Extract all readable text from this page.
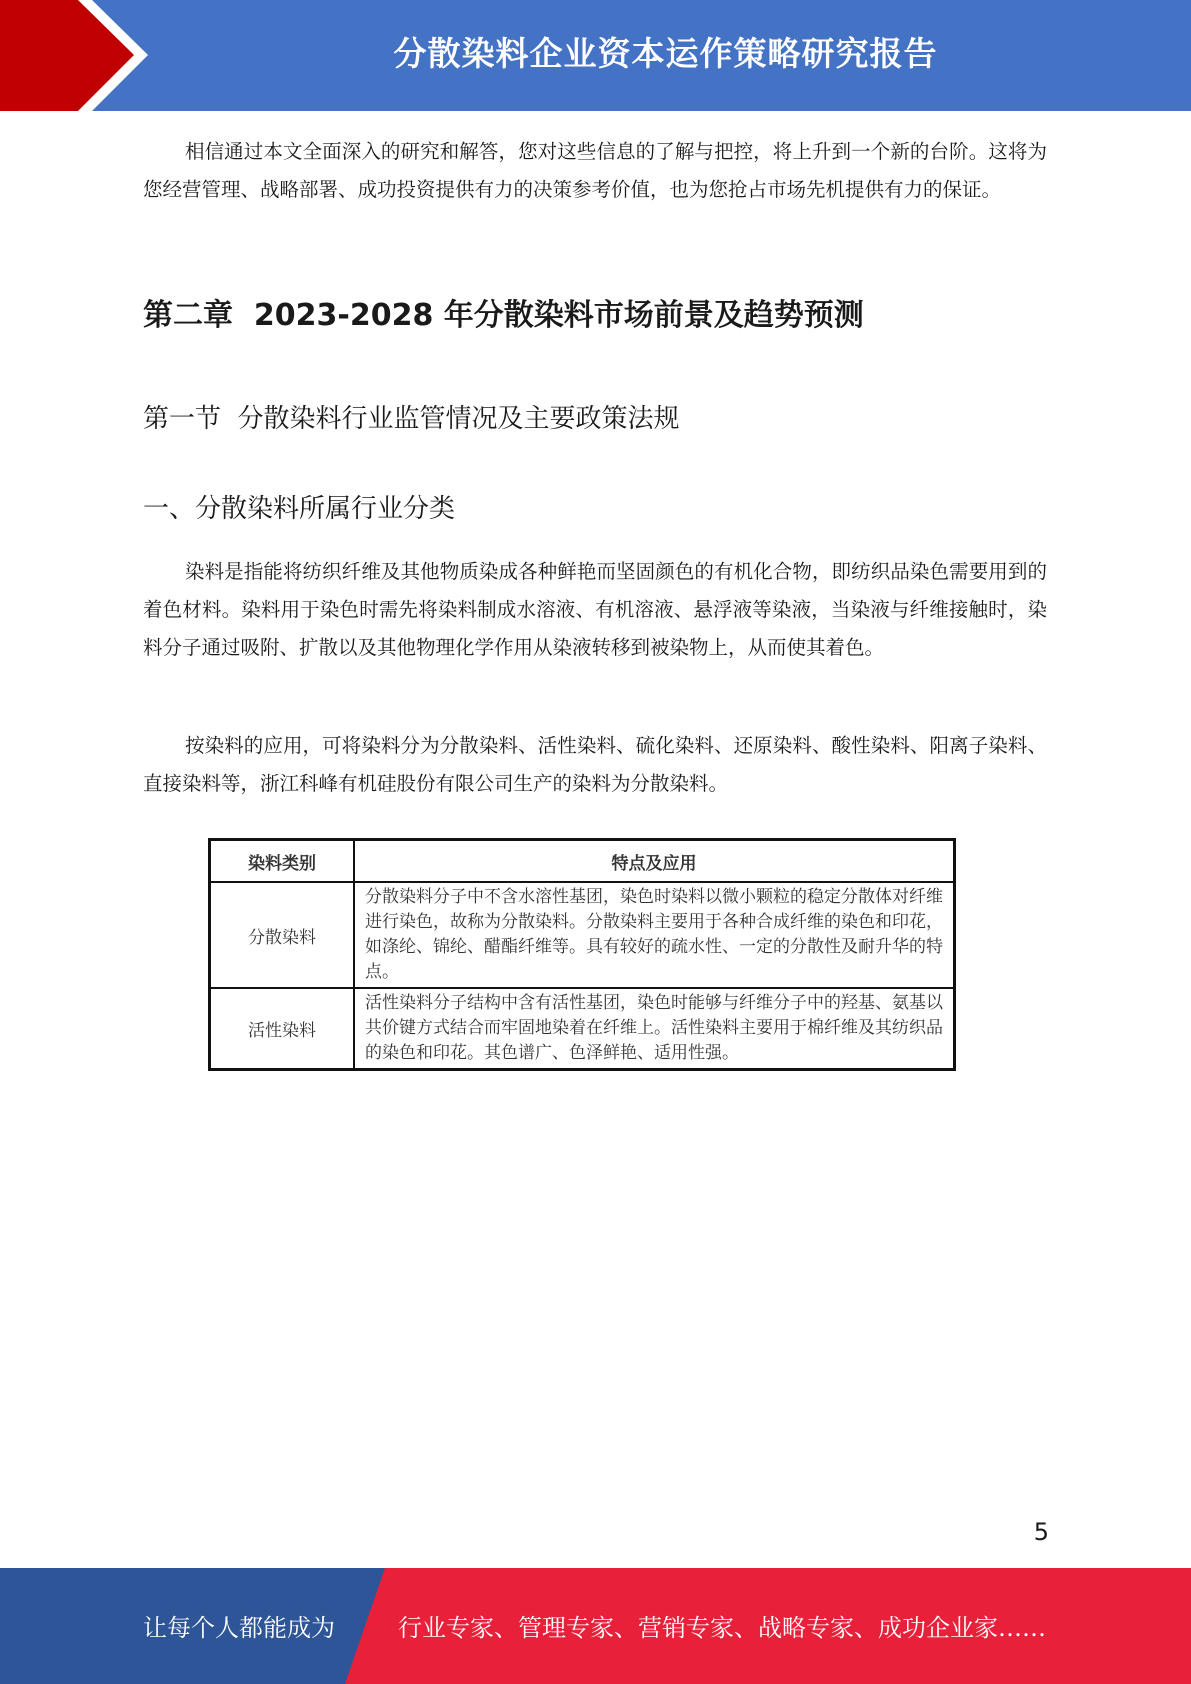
分散染料企业资本运作策略研究报告

相信通过本文全面深入的研究和解答，您对这些信息的了解与把控，将上升到一个新的台阶。这将为您经营管理、战略部署、成功投资提供有力的决策参考价值，也为您抢占市场先机提供有力的保证。

第二章  2023-2028 年分散染料市场前景及趋势预测
第一节  分散染料行业监管情况及主要政策法规
一、分散染料所属行业分类

染料是指能将纺织纤维及其他物质染成各种鲜艳而坚固颜色的有机化合物，即纺织品染色需要用到的着色材料。染料用于染色时需先将染料制成水溶液、有机溶液、悬浮液等染液，当染液与纤维接触时，染料分子通过吸附、扩散以及其他物理化学作用从染液转移到被染物上，从而使其着色。

按染料的应用，可将染料分为分散染料、活性染料、硫化染料、还原染料、酸性染料、阳离子染料、直接染料等，浙江科峰有机硅股份有限公司生产的染料为分散染料。

染料类别	特点及应用
分散染料	分散染料分子中不含水溶性基团，染色时染料以微小颗粒的稳定分散体对纤维进行染色，故称为分散染料。分散染料主要用于各种合成纤维的染色和印花，如涤纶、锦纶、醋酯纤维等。具有较好的疏水性、一定的分散性及耐升华的特点。
活性染料	活性染料分子结构中含有活性基团，染色时能够与纤维分子中的羟基、氨基以共价键方式结合而牢固地染着在纤维上。活性染料主要用于棉纤维及其纺织品的染色和印花。其色谱广、色泽鲜艳、适用性强。
5
让每个人都能成为	行业专家、管理专家、营销专家、战略专家、成功企业家……
